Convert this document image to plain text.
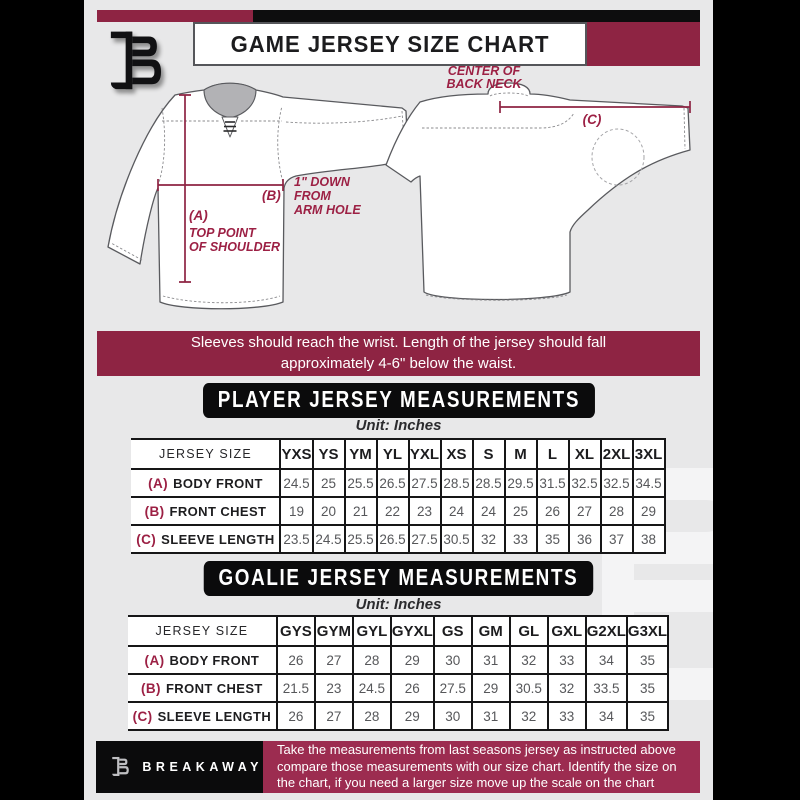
GAME JERSEY SIZE CHART
(A)
TOP POINT
OF SHOULDER
(B)
1" DOWN
FROM
ARM HOLE
CENTER OF
BACK NECK
(C)
Sleeves should reach the wrist. Length of the jersey should fall approximately 4-6" below the waist.
PLAYER JERSEY MEASUREMENTS
Unit: Inches
JERSEY SIZE	YXS	YS	YM	YL	YXL	XS	S	M	L	XL	2XL	3XL
(A) BODY FRONT	24.5	25	25.5	26.5	27.5	28.5	28.5	29.5	31.5	32.5	32.5	34.5
(B) FRONT CHEST	19	20	21	22	23	24	24	25	26	27	28	29
(C) SLEEVE LENGTH	23.5	24.5	25.5	26.5	27.5	30.5	32	33	35	36	37	38
GOALIE JERSEY MEASUREMENTS
Unit: Inches
JERSEY SIZE	GYS	GYM	GYL	GYXL	GS	GM	GL	GXL	G2XL	G3XL
(A) BODY FRONT	26	27	28	29	30	31	32	33	34	35
(B) FRONT CHEST	21.5	23	24.5	26	27.5	29	30.5	32	33.5	35
(C) SLEEVE LENGTH	26	27	28	29	30	31	32	33	34	35
BREAKAWAY
Take the measurements from last seasons jersey as instructed above compare those measurements with our size chart. Identify the size on the chart, if you need a larger size move up the scale on the chart
